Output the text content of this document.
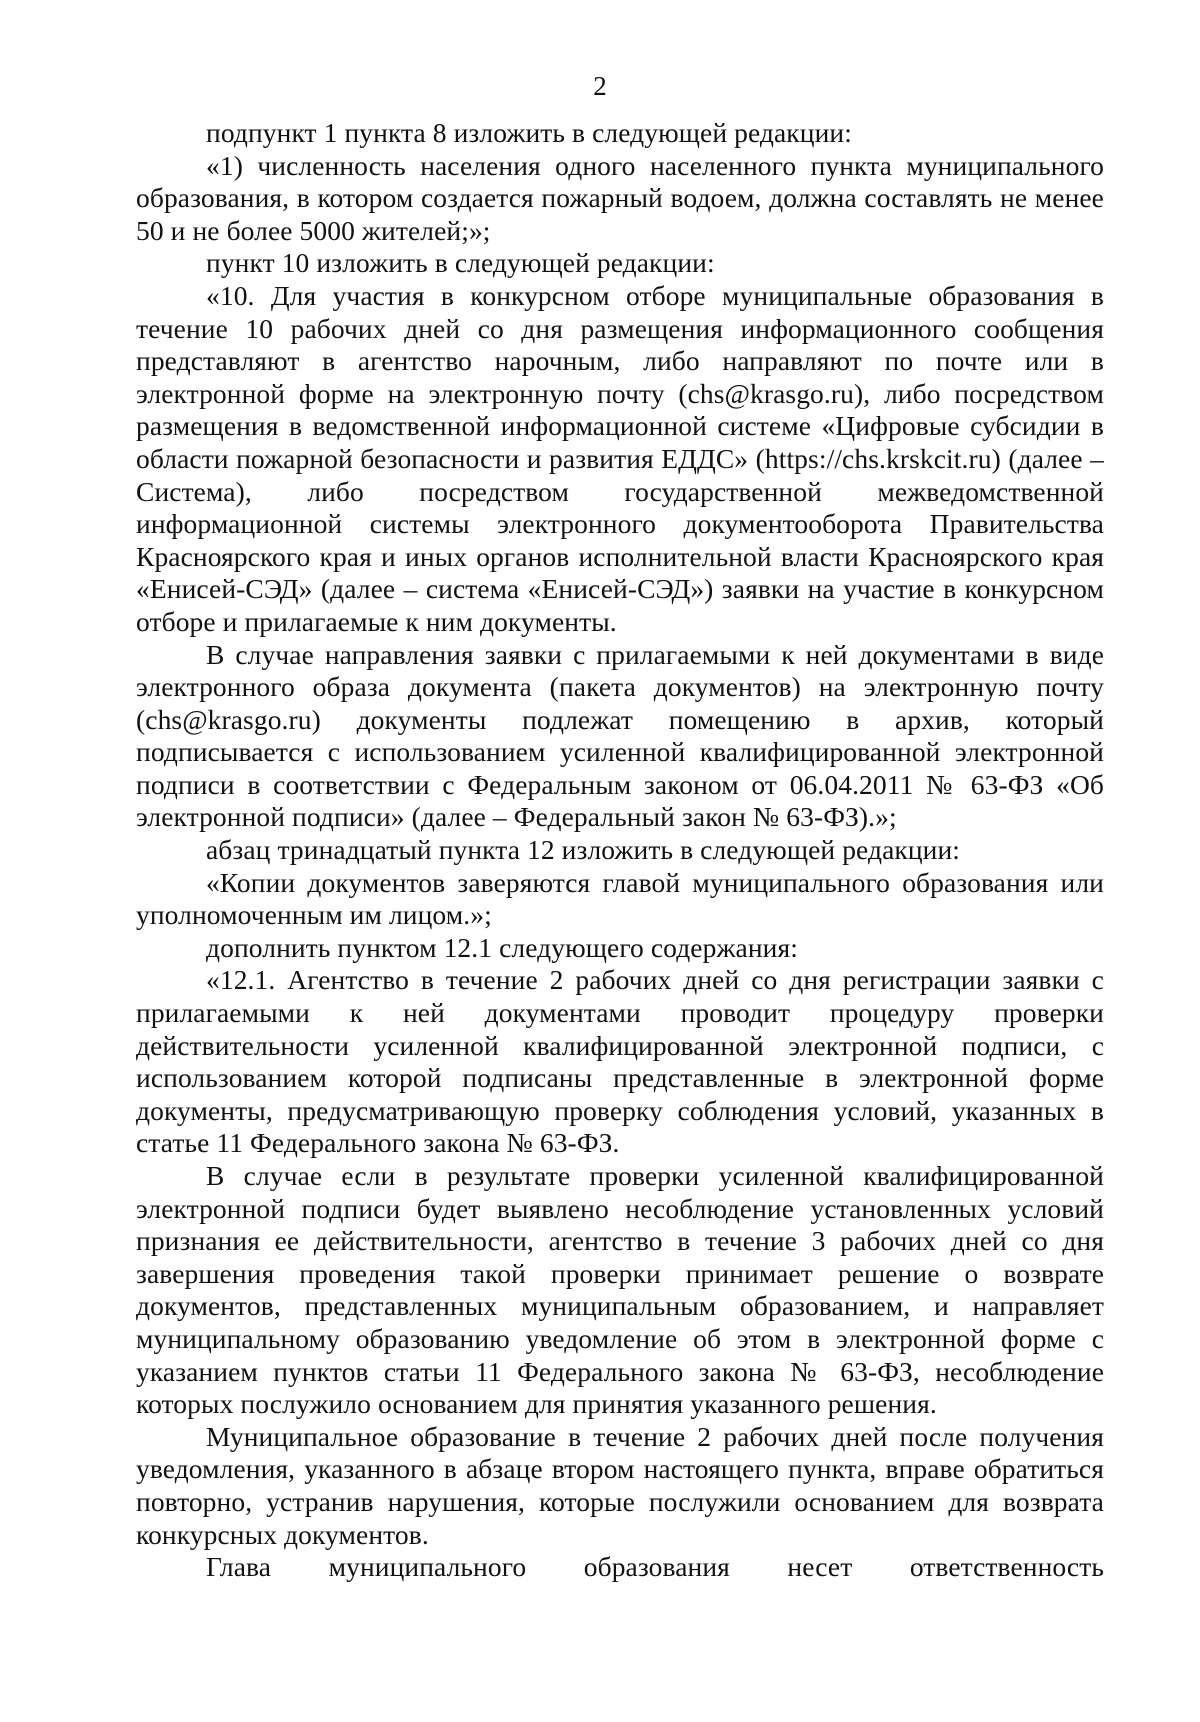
2

подпункт 1 пункта 8 изложить в следующей редакции:

«1) численность населения одного населенного пункта муниципального образования, в котором создается пожарный водоем, должна составлять не менее 50 и не более 5000 жителей;»;

пункт 10 изложить в следующей редакции:

«10. Для участия в конкурсном отборе муниципальные образования в течение 10 рабочих дней со дня размещения информационного сообщения представляют в агентство нарочным, либо направляют по почте или в электронной форме на электронную почту (chs@krasgo.ru), либо посредством размещения в ведомственной информационной системе «Цифровые субсидии в области пожарной безопасности и развития ЕДДС» (https://chs.krskcit.ru) (далее – Система), либо посредством государственной межведомственной информационной системы электронного документооборота Правительства Красноярского края и иных органов исполнительной власти Красноярского края «Енисей-СЭД» (далее – система «Енисей-СЭД») заявки на участие в конкурсном отборе и прилагаемые к ним документы.

В случае направления заявки с прилагаемыми к ней документами в виде электронного образа документа (пакета документов) на электронную почту (chs@krasgo.ru) документы подлежат помещению в архив, который подписывается с использованием усиленной квалифицированной электронной подписи в соответствии с Федеральным законом от 06.04.2011 № 63-ФЗ «Об электронной подписи» (далее – Федеральный закон № 63-ФЗ).»;

абзац тринадцатый пункта 12 изложить в следующей редакции:

«Копии документов заверяются главой муниципального образования или уполномоченным им лицом.»;

дополнить пунктом 12.1 следующего содержания:

«12.1. Агентство в течение 2 рабочих дней со дня регистрации заявки с прилагаемыми к ней документами проводит процедуру проверки действительности усиленной квалифицированной электронной подписи, с использованием которой подписаны представленные в электронной форме документы, предусматривающую проверку соблюдения условий, указанных в статье 11 Федерального закона № 63-ФЗ.

В случае если в результате проверки усиленной квалифицированной электронной подписи будет выявлено несоблюдение установленных условий признания ее действительности, агентство в течение 3 рабочих дней со дня завершения проведения такой проверки принимает решение о возврате документов, представленных муниципальным образованием, и направляет муниципальному образованию уведомление об этом в электронной форме с указанием пунктов статьи 11 Федерального закона № 63-ФЗ, несоблюдение которых послужило основанием для принятия указанного решения.

Муниципальное образование в течение 2 рабочих дней после получения уведомления, указанного в абзаце втором настоящего пункта, вправе обратиться повторно, устранив нарушения, которые послужили основанием для возврата конкурсных документов.

Глава муниципального образования несет ответственность
